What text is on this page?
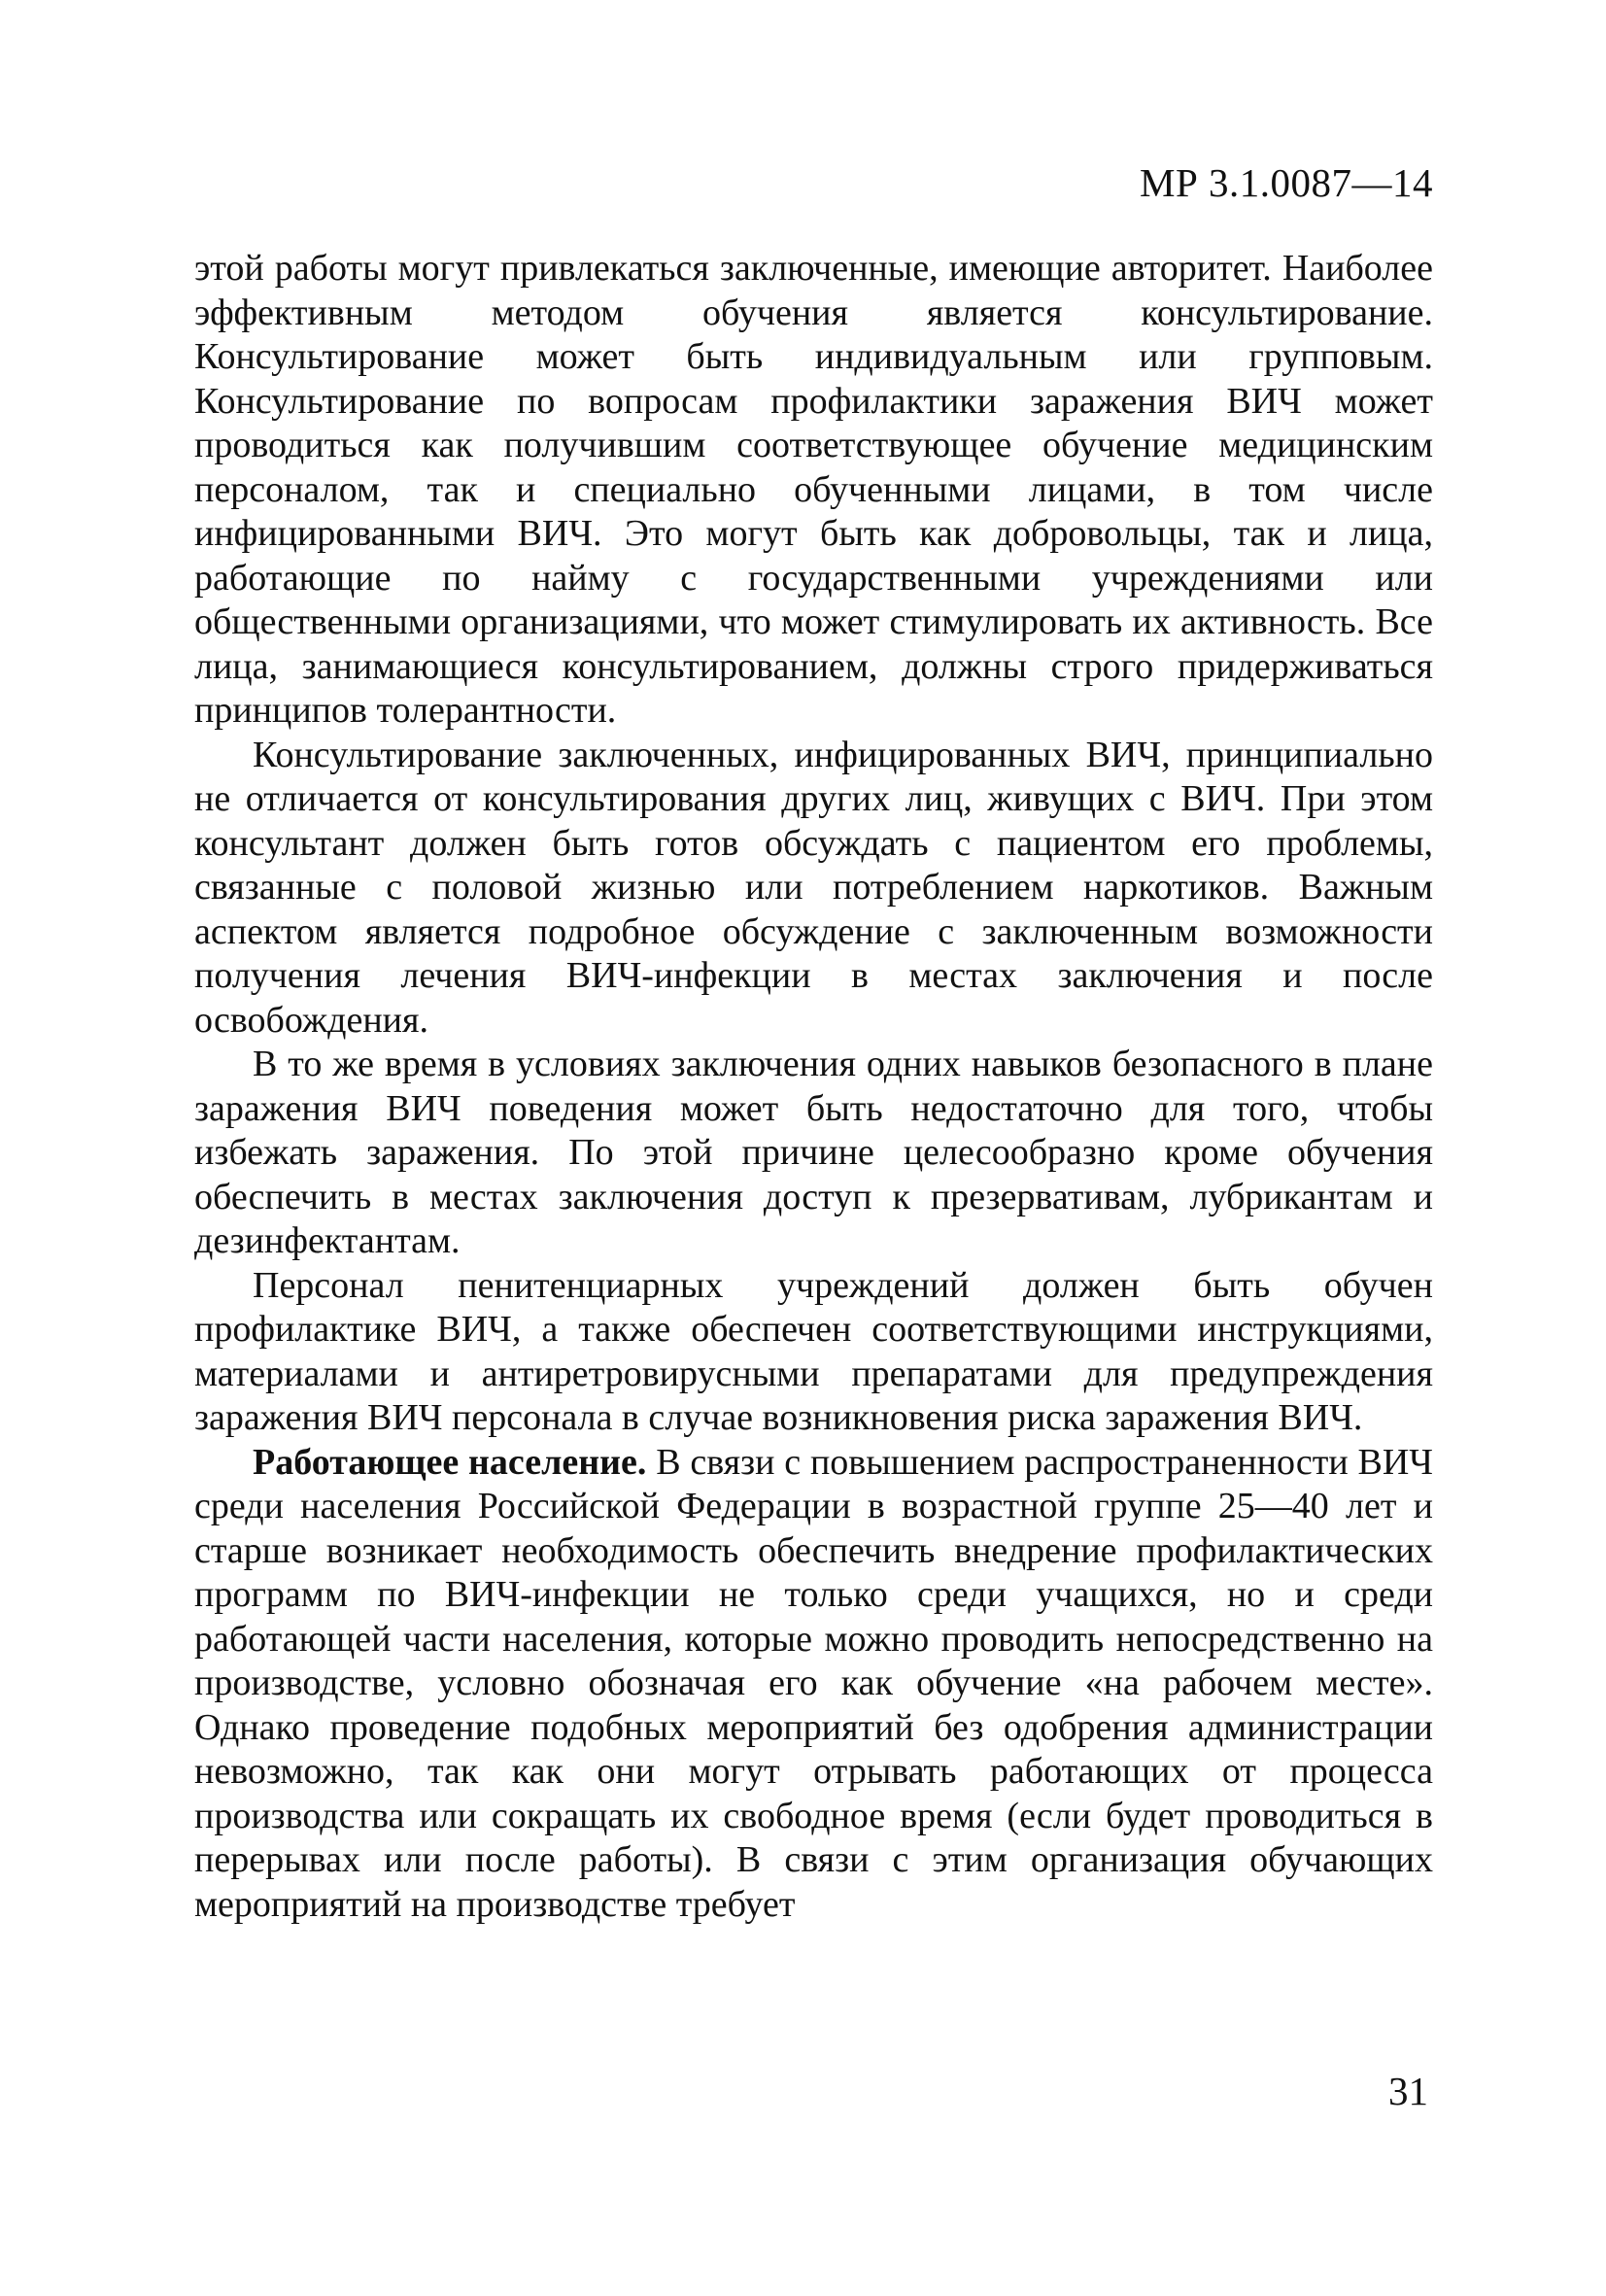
МР 3.1.0087—14

этой работы могут привлекаться заключенные, имеющие авторитет. Наиболее эффективным методом обучения является консультирование. Консультирование может быть индивидуальным или групповым. Консультирование по вопросам профилактики заражения ВИЧ может проводиться как получившим соответствующее обучение медицинским персоналом, так и специально обученными лицами, в том числе инфицированными ВИЧ. Это могут быть как добровольцы, так и лица, работающие по найму с государственными учреждениями или общественными организациями, что может стимулировать их активность. Все лица, занимающиеся консультированием, должны строго придерживаться принципов толерантности.

Консультирование заключенных, инфицированных ВИЧ, принципиально не отличается от консультирования других лиц, живущих с ВИЧ. При этом консультант должен быть готов обсуждать с пациентом его проблемы, связанные с половой жизнью или потреблением наркотиков. Важным аспектом является подробное обсуждение с заключенным возможности получения лечения ВИЧ-инфекции в местах заключения и после освобождения.

В то же время в условиях заключения одних навыков безопасного в плане заражения ВИЧ поведения может быть недостаточно для того, чтобы избежать заражения. По этой причине целесообразно кроме обучения обеспечить в местах заключения доступ к презервативам, лубрикантам и дезинфектантам.

Персонал пенитенциарных учреждений должен быть обучен профилактике ВИЧ, а также обеспечен соответствующими инструкциями, материалами и антиретровирусными препаратами для предупреждения заражения ВИЧ персонала в случае возникновения риска заражения ВИЧ.

Работающее население. В связи с повышением распространенности ВИЧ среди населения Российской Федерации в возрастной группе 25—40 лет и старше возникает необходимость обеспечить внедрение профилактических программ по ВИЧ-инфекции не только среди учащихся, но и среди работающей части населения, которые можно проводить непосредственно на производстве, условно обозначая его как обучение «на рабочем месте». Однако проведение подобных мероприятий без одобрения администрации невозможно, так как они могут отрывать работающих от процесса производства или сокращать их свободное время (если будет проводиться в перерывах или после работы). В связи с этим организация обучающих мероприятий на производстве требует

31
